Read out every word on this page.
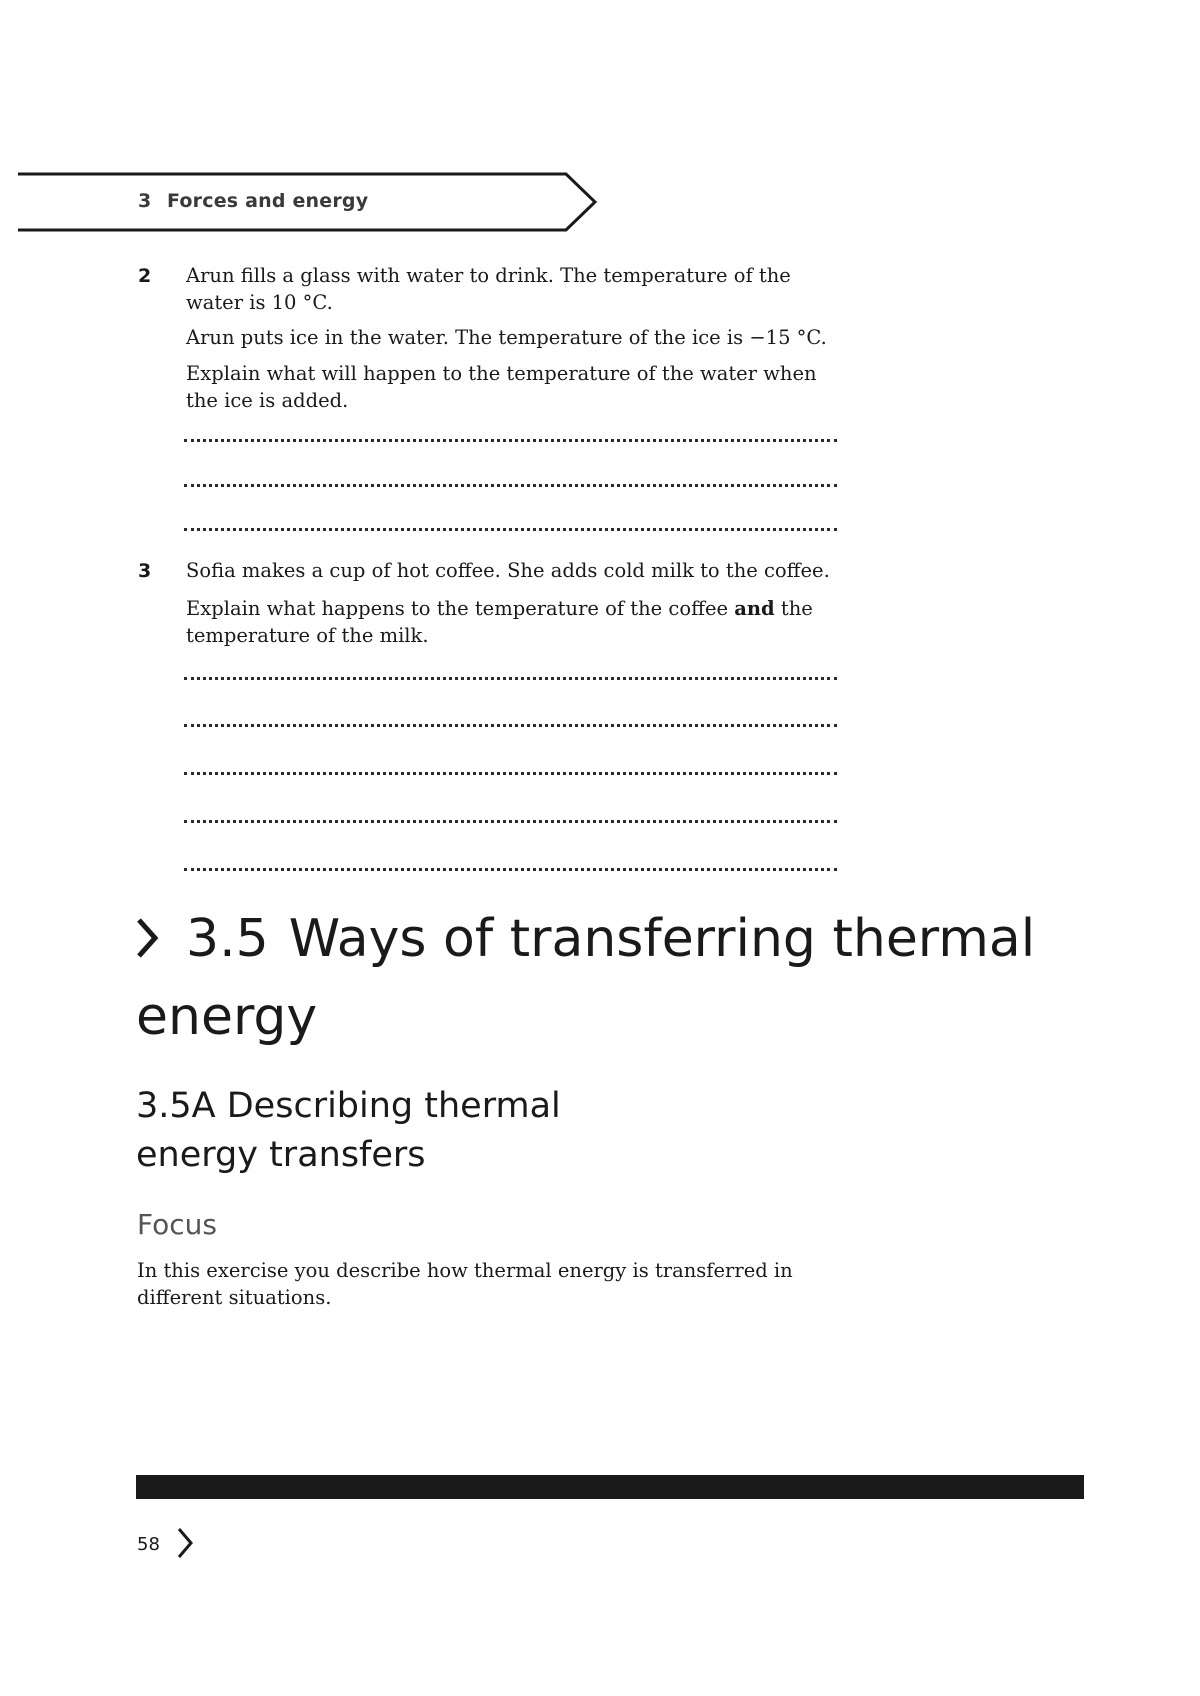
3 Forces and energy
2 Arun fills a glass with water to drink. The temperature of the water is 10 °C.

Arun puts ice in the water. The temperature of the ice is −15 °C.

Explain what will happen to the temperature of the water when the ice is added.

3 Sofia makes a cup of hot coffee. She adds cold milk to the coffee.

Explain what happens to the temperature of the coffee and the temperature of the milk.

3.5 Ways of transferring thermal energy
3.5A Describing thermal energy transfers
Focus

In this exercise you describe how thermal energy is transferred in different situations.

58
